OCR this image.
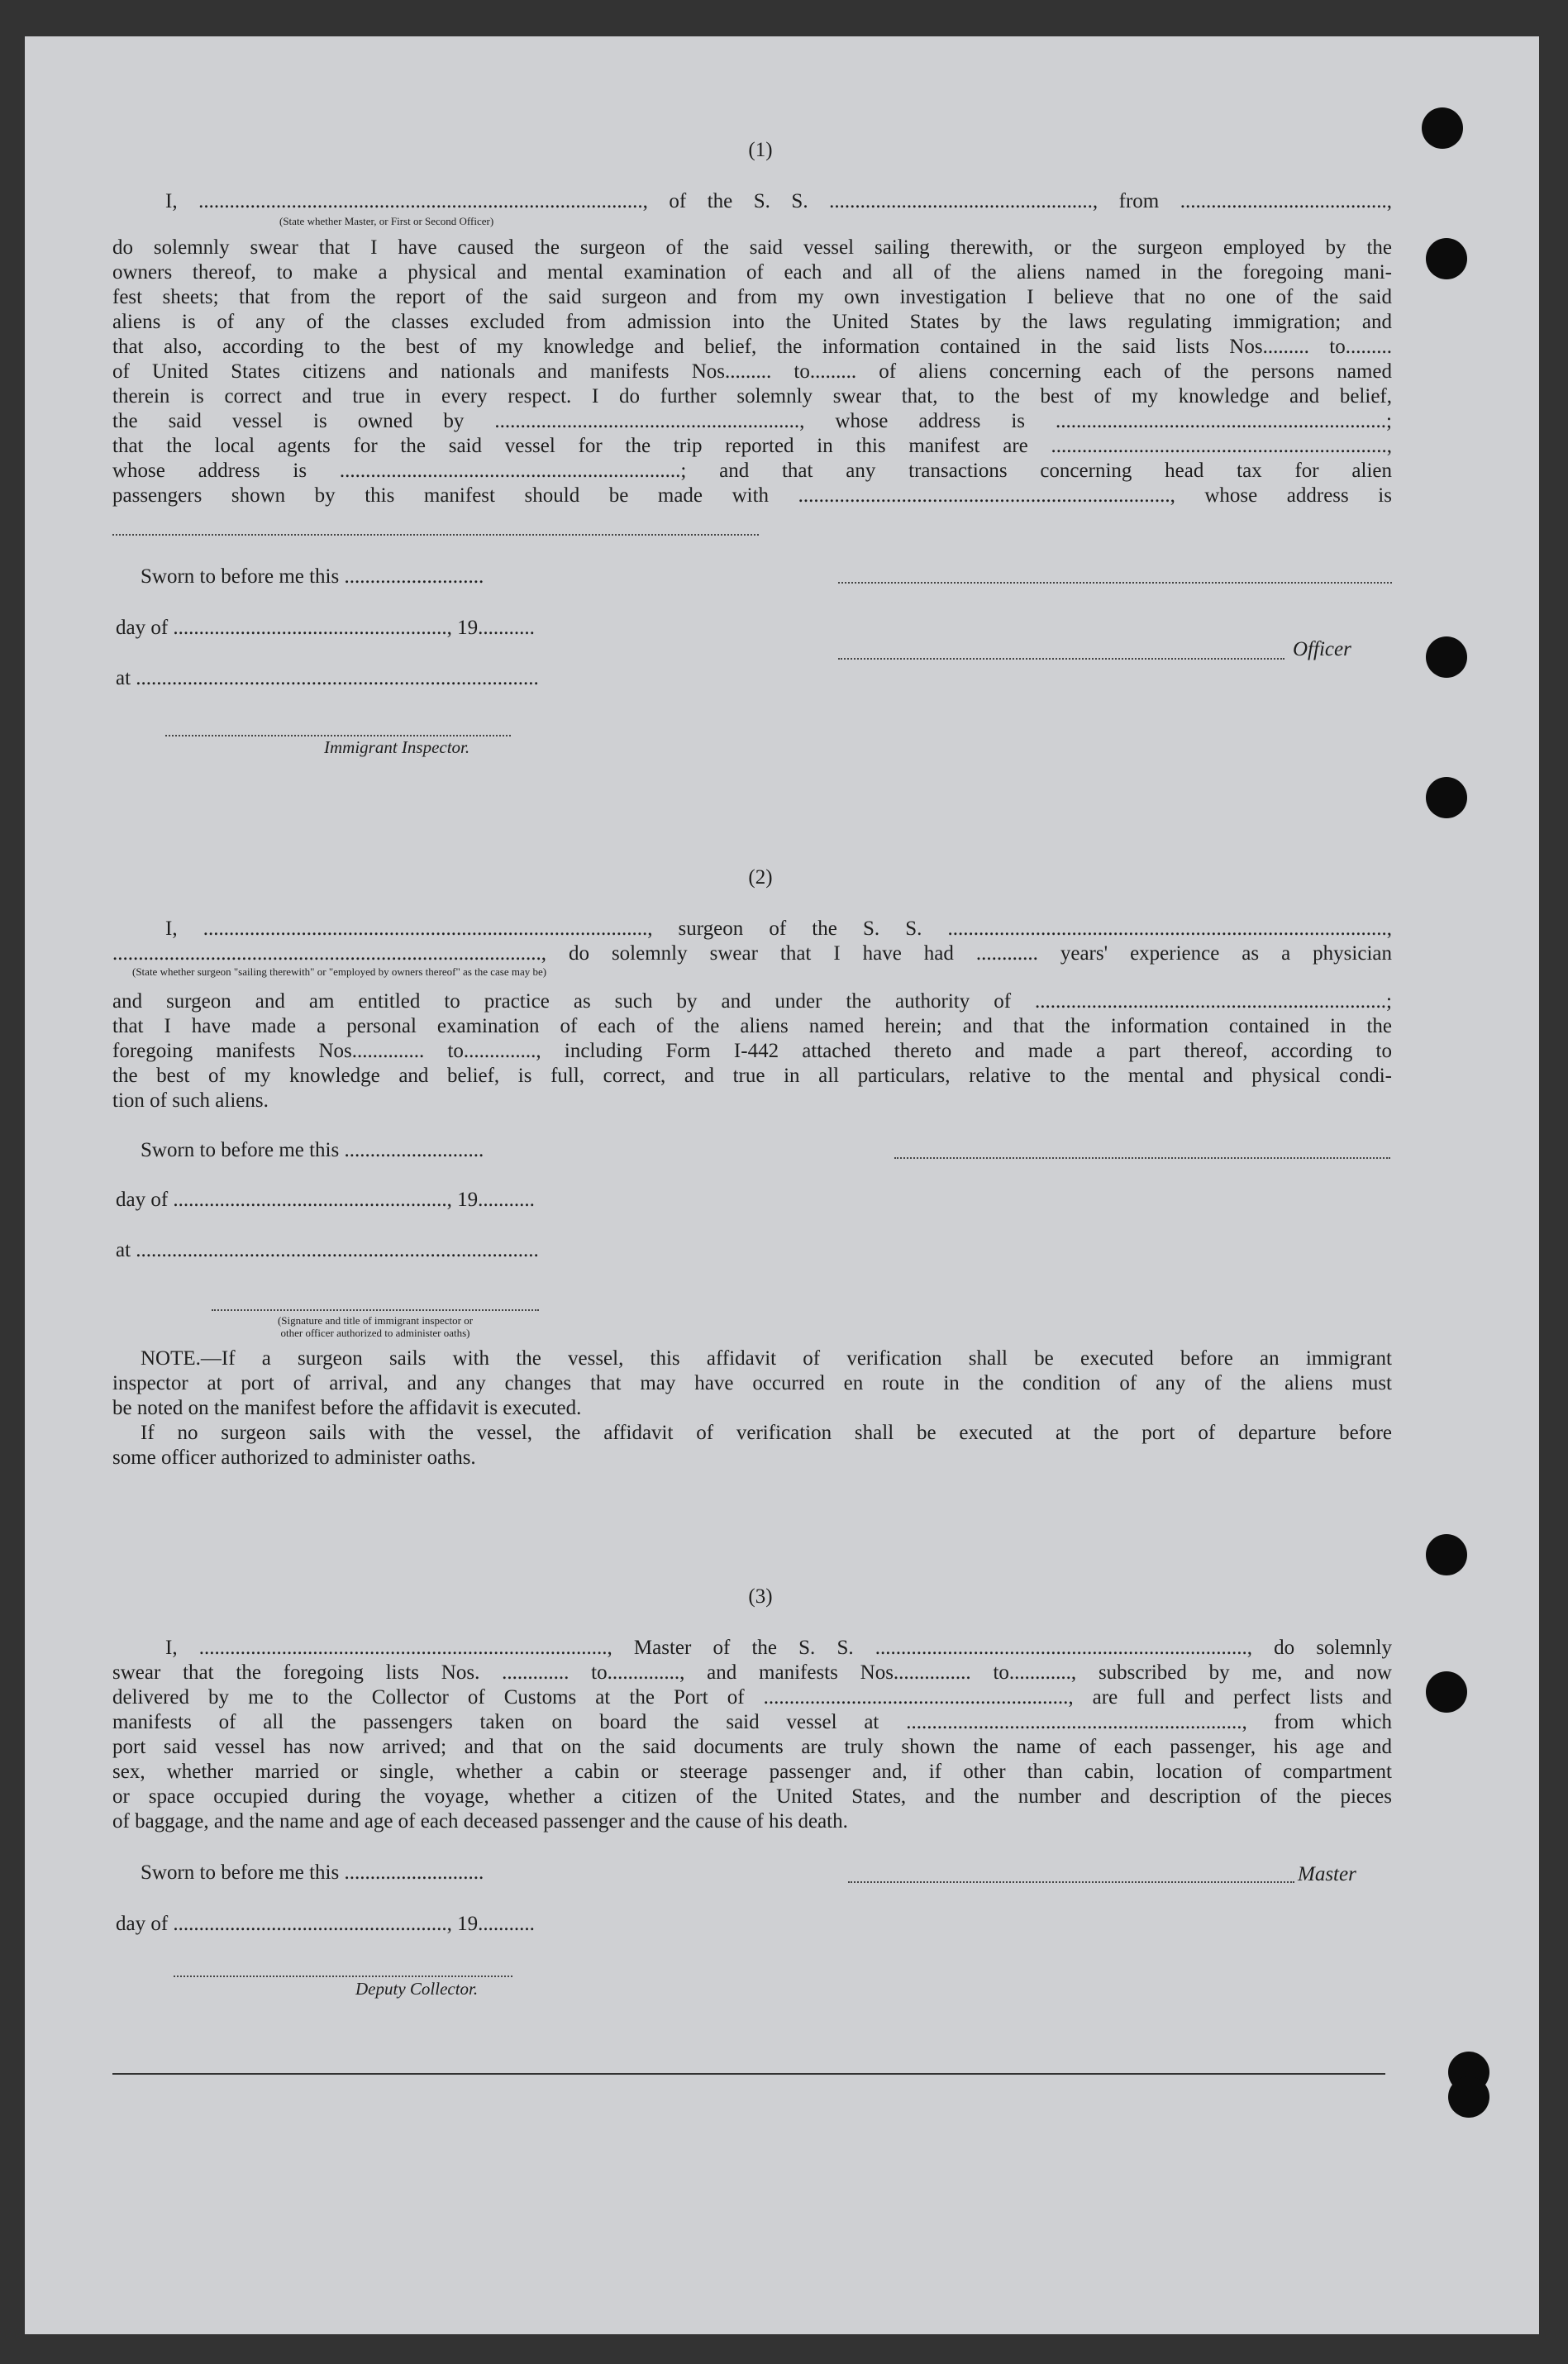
(1)
I, ......................................................................................, of the S. S. ..................................................., from ........................................,
(State whether Master, or First or Second Officer)
do solemnly swear that I have caused the surgeon of the said vessel sailing therewith, or the surgeon employed by the
owners thereof, to make a physical and mental examination of each and all of the aliens named in the foregoing mani-
fest sheets; that from the report of the said surgeon and from my own investigation I believe that no one of the said
aliens is of any of the classes excluded from admission into the United States by the laws regulating immigration; and
that also, according to the best of my knowledge and belief, the information contained in the said lists Nos......... to.........
of United States citizens and nationals and manifests Nos......... to......... of aliens concerning each of the persons named
therein is correct and true in every respect. I do further solemnly swear that, to the best of my knowledge and belief,
the said vessel is owned by ..........................................................., whose address is ................................................................;
that the local agents for the said vessel for the trip reported in this manifest are .................................................................,
whose address is ..................................................................; and that any transactions concerning head tax for alien
passengers shown by this manifest should be made with ........................................................................, whose address is
Sworn to before me this ...........................
day of ....................................................., 19...........
at ..............................................................................
Immigrant Inspector.
Officer
(2)
I, ......................................................................................, surgeon of the S. S. .....................................................................................,
..................................................................................., do solemnly swear that I have had ............ years' experience as a physician
(State whether surgeon "sailing therewith" or "employed by owners thereof" as the case may be)
and surgeon and am entitled to practice as such by and under the authority of ....................................................................;
that I have made a personal examination of each of the aliens named herein; and that the information contained in the
foregoing manifests Nos.............. to.............., including Form I-442 attached thereto and made a part thereof, according to
the best of my knowledge and belief, is full, correct, and true in all particulars, relative to the mental and physical condi-
tion of such aliens.
Sworn to before me this ...........................
day of ....................................................., 19...........
at ..............................................................................
(Signature and title of immigrant inspector or
other officer authorized to administer oaths)
NOTE.—If a surgeon sails with the vessel, this affidavit of verification shall be executed before an immigrant
inspector at port of arrival, and any changes that may have occurred en route in the condition of any of the aliens must
be noted on the manifest before the affidavit is executed.
If no surgeon sails with the vessel, the affidavit of verification shall be executed at the port of departure before
some officer authorized to administer oaths.
(3)
I, ..............................................................................., Master of the S. S. ........................................................................, do solemnly
swear that the foregoing lists Nos. ............. to.............., and manifests Nos............... to............, subscribed by me, and now
delivered by me to the Collector of Customs at the Port of ..........................................................., are full and perfect lists and
manifests of all the passengers taken on board the said vessel at ................................................................., from which
port said vessel has now arrived; and that on the said documents are truly shown the name of each passenger, his age and
sex, whether married or single, whether a cabin or steerage passenger and, if other than cabin, location of compartment
or space occupied during the voyage, whether a citizen of the United States, and the number and description of the pieces
of baggage, and the name and age of each deceased passenger and the cause of his death.
Sworn to before me this ...........................
day of ....................................................., 19...........
Master
Deputy Collector.
